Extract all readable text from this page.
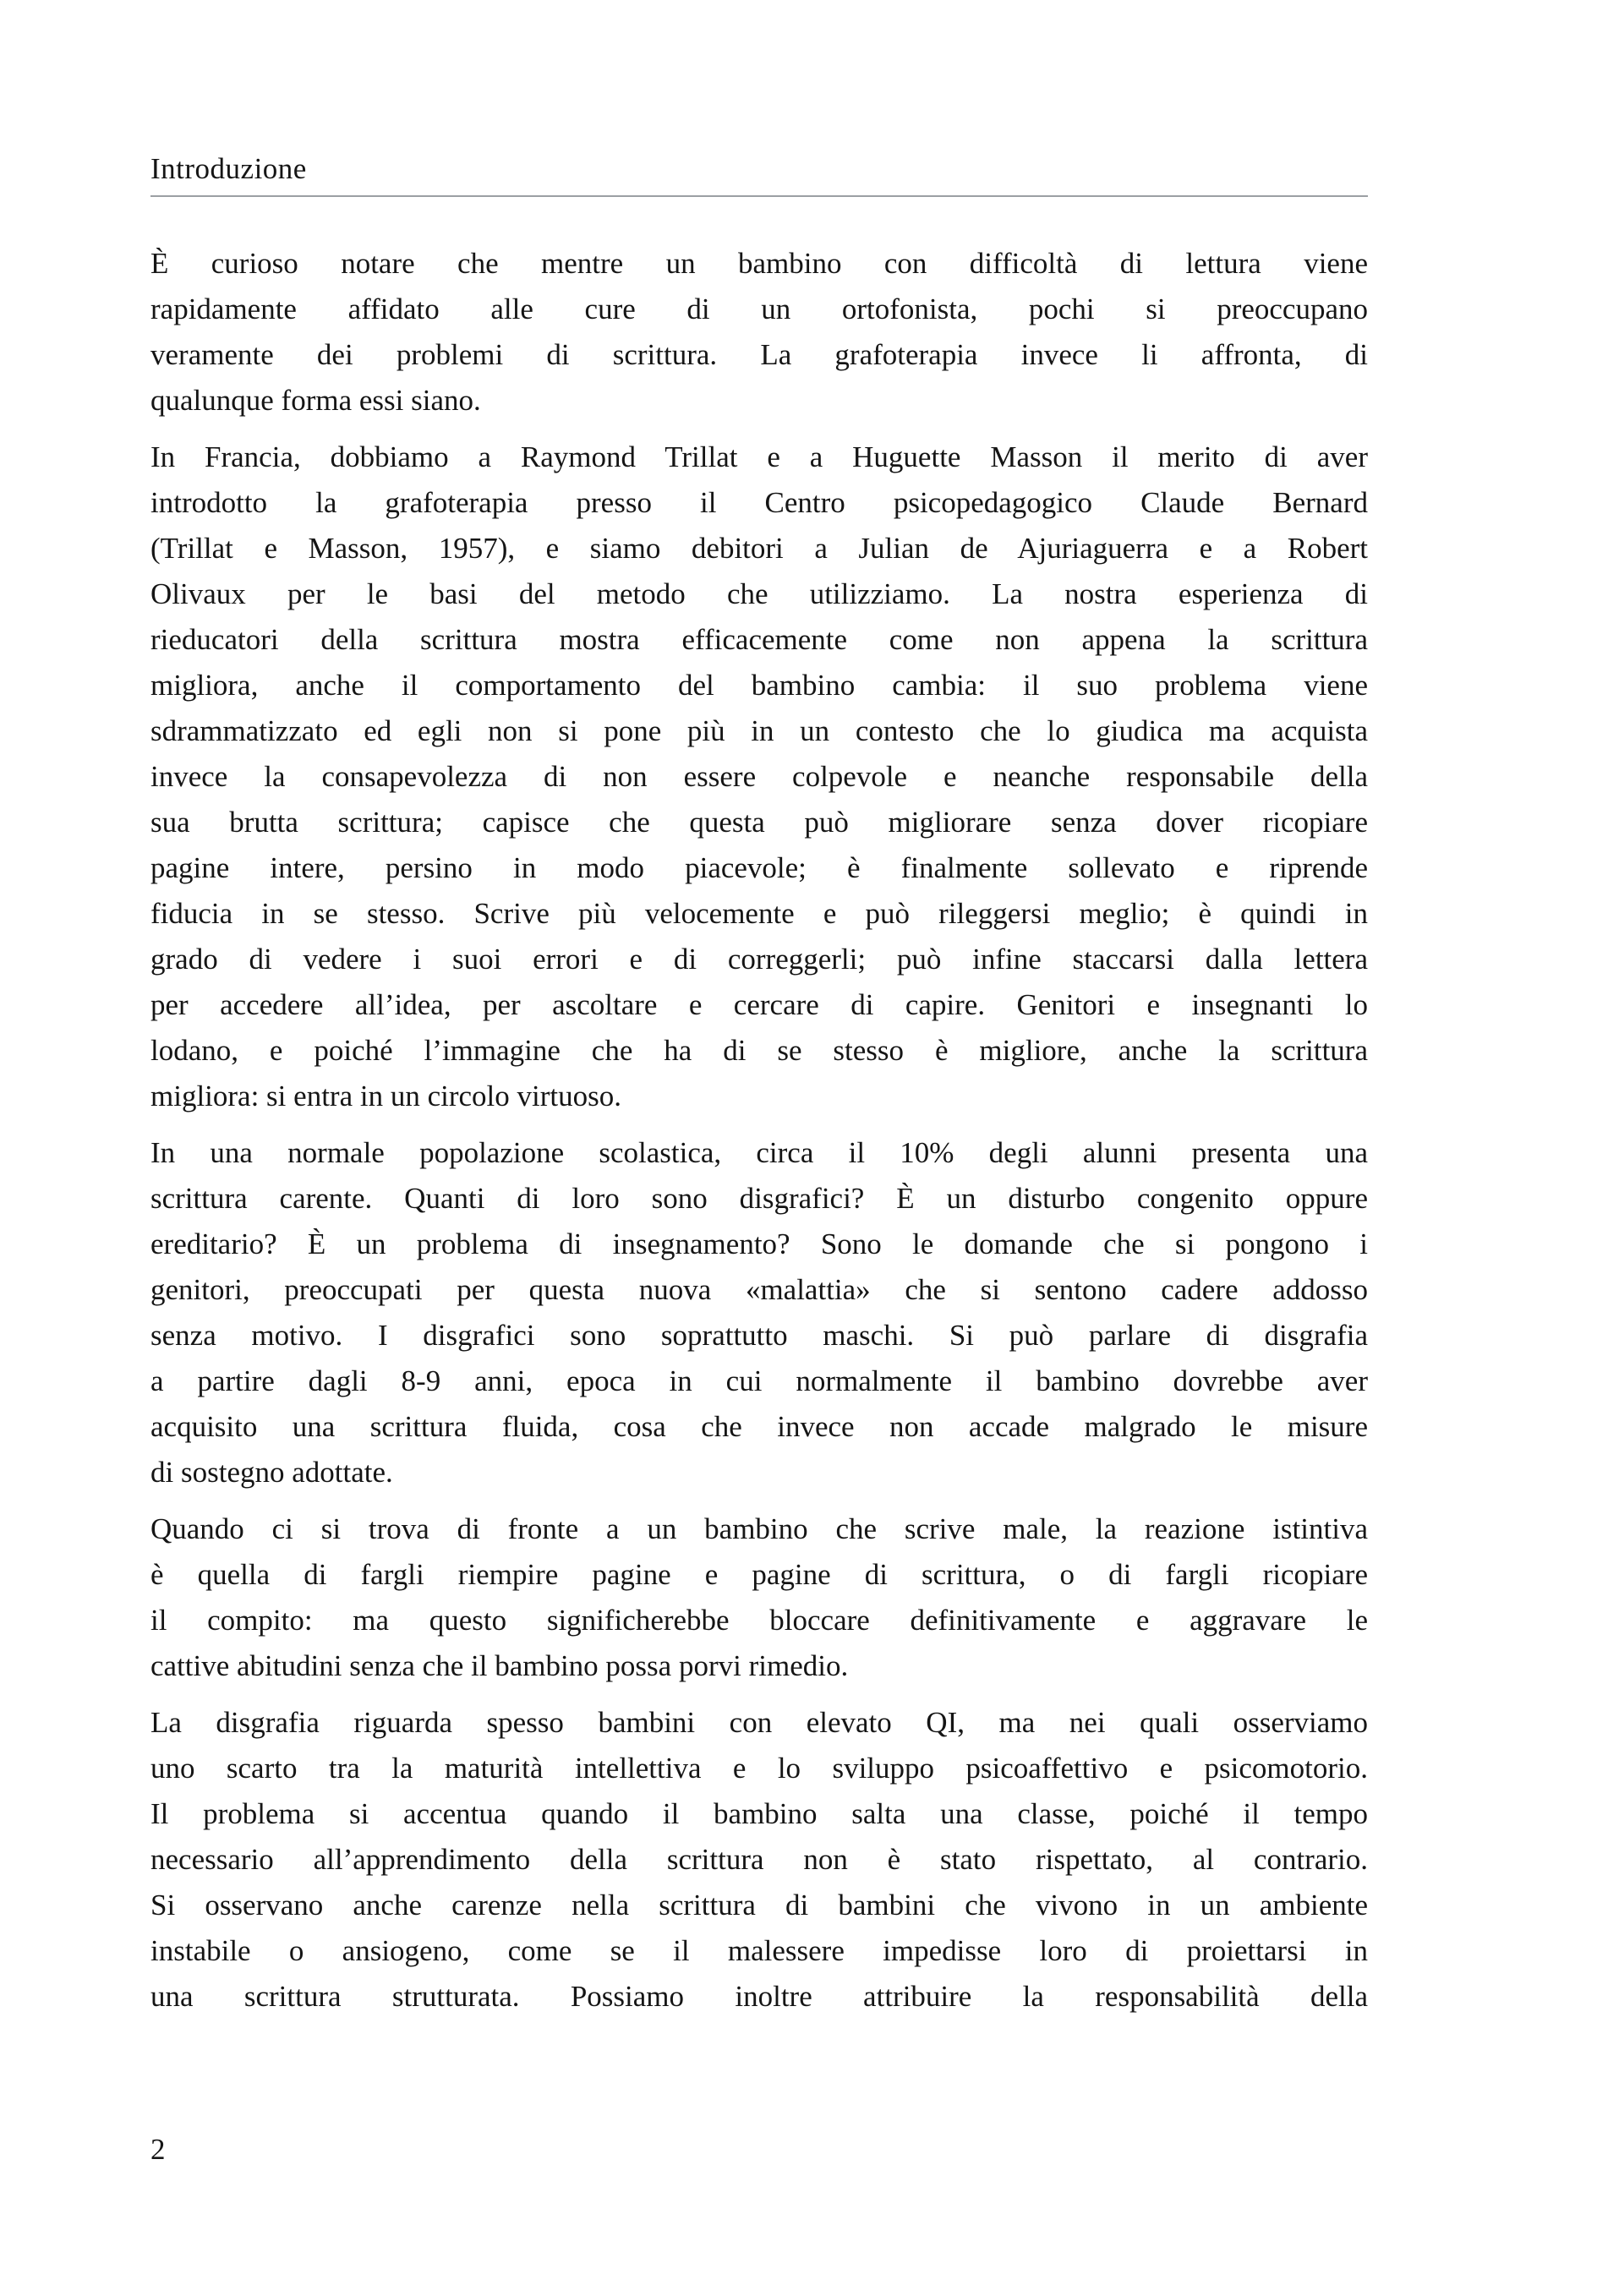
Introduzione

È curioso notare che mentre un bambino con difficoltà di lettura viene
rapidamente affidato alle cure di un ortofonista, pochi si preoccupano
veramente dei problemi di scrittura. La grafoterapia invece li affronta, di
qualunque forma essi siano.

In Francia, dobbiamo a Raymond Trillat e a Huguette Masson il merito di aver
introdotto la grafoterapia presso il Centro psicopedagogico Claude Bernard
(Trillat e Masson, 1957), e siamo debitori a Julian de Ajuriaguerra e a Robert
Olivaux per le basi del metodo che utilizziamo. La nostra esperienza di
rieducatori della scrittura mostra efficacemente come non appena la scrittura
migliora, anche il comportamento del bambino cambia: il suo problema viene
sdrammatizzato ed egli non si pone più in un contesto che lo giudica ma acquista
invece la consapevolezza di non essere colpevole e neanche responsabile della
sua brutta scrittura; capisce che questa può migliorare senza dover ricopiare
pagine intere, persino in modo piacevole; è finalmente sollevato e riprende
fiducia in se stesso. Scrive più velocemente e può rileggersi meglio; è quindi in
grado di vedere i suoi errori e di correggerli; può infine staccarsi dalla lettera
per accedere all’idea, per ascoltare e cercare di capire. Genitori e insegnanti lo
lodano, e poiché l’immagine che ha di se stesso è migliore, anche la scrittura
migliora: si entra in un circolo virtuoso.

In una normale popolazione scolastica, circa il 10% degli alunni presenta una
scrittura carente. Quanti di loro sono disgrafici? È un disturbo congenito oppure
ereditario? È un problema di insegnamento? Sono le domande che si pongono i
genitori, preoccupati per questa nuova «malattia» che si sentono cadere addosso
senza motivo. I disgrafici sono soprattutto maschi. Si può parlare di disgrafia
a partire dagli 8-9 anni, epoca in cui normalmente il bambino dovrebbe aver
acquisito una scrittura fluida, cosa che invece non accade malgrado le misure
di sostegno adottate.

Quando ci si trova di fronte a un bambino che scrive male, la reazione istintiva
è quella di fargli riempire pagine e pagine di scrittura, o di fargli ricopiare
il compito: ma questo significherebbe bloccare definitivamente e aggravare le
cattive abitudini senza che il bambino possa porvi rimedio.

La disgrafia riguarda spesso bambini con elevato QI, ma nei quali osserviamo
uno scarto tra la maturità intellettiva e lo sviluppo psicoaffettivo e psicomotorio.
Il problema si accentua quando il bambino salta una classe, poiché il tempo
necessario all’apprendimento della scrittura non è stato rispettato, al contrario.
Si osservano anche carenze nella scrittura di bambini che vivono in un ambiente
instabile o ansiogeno, come se il malessere impedisse loro di proiettarsi in
una scrittura strutturata. Possiamo inoltre attribuire la responsabilità della

2
